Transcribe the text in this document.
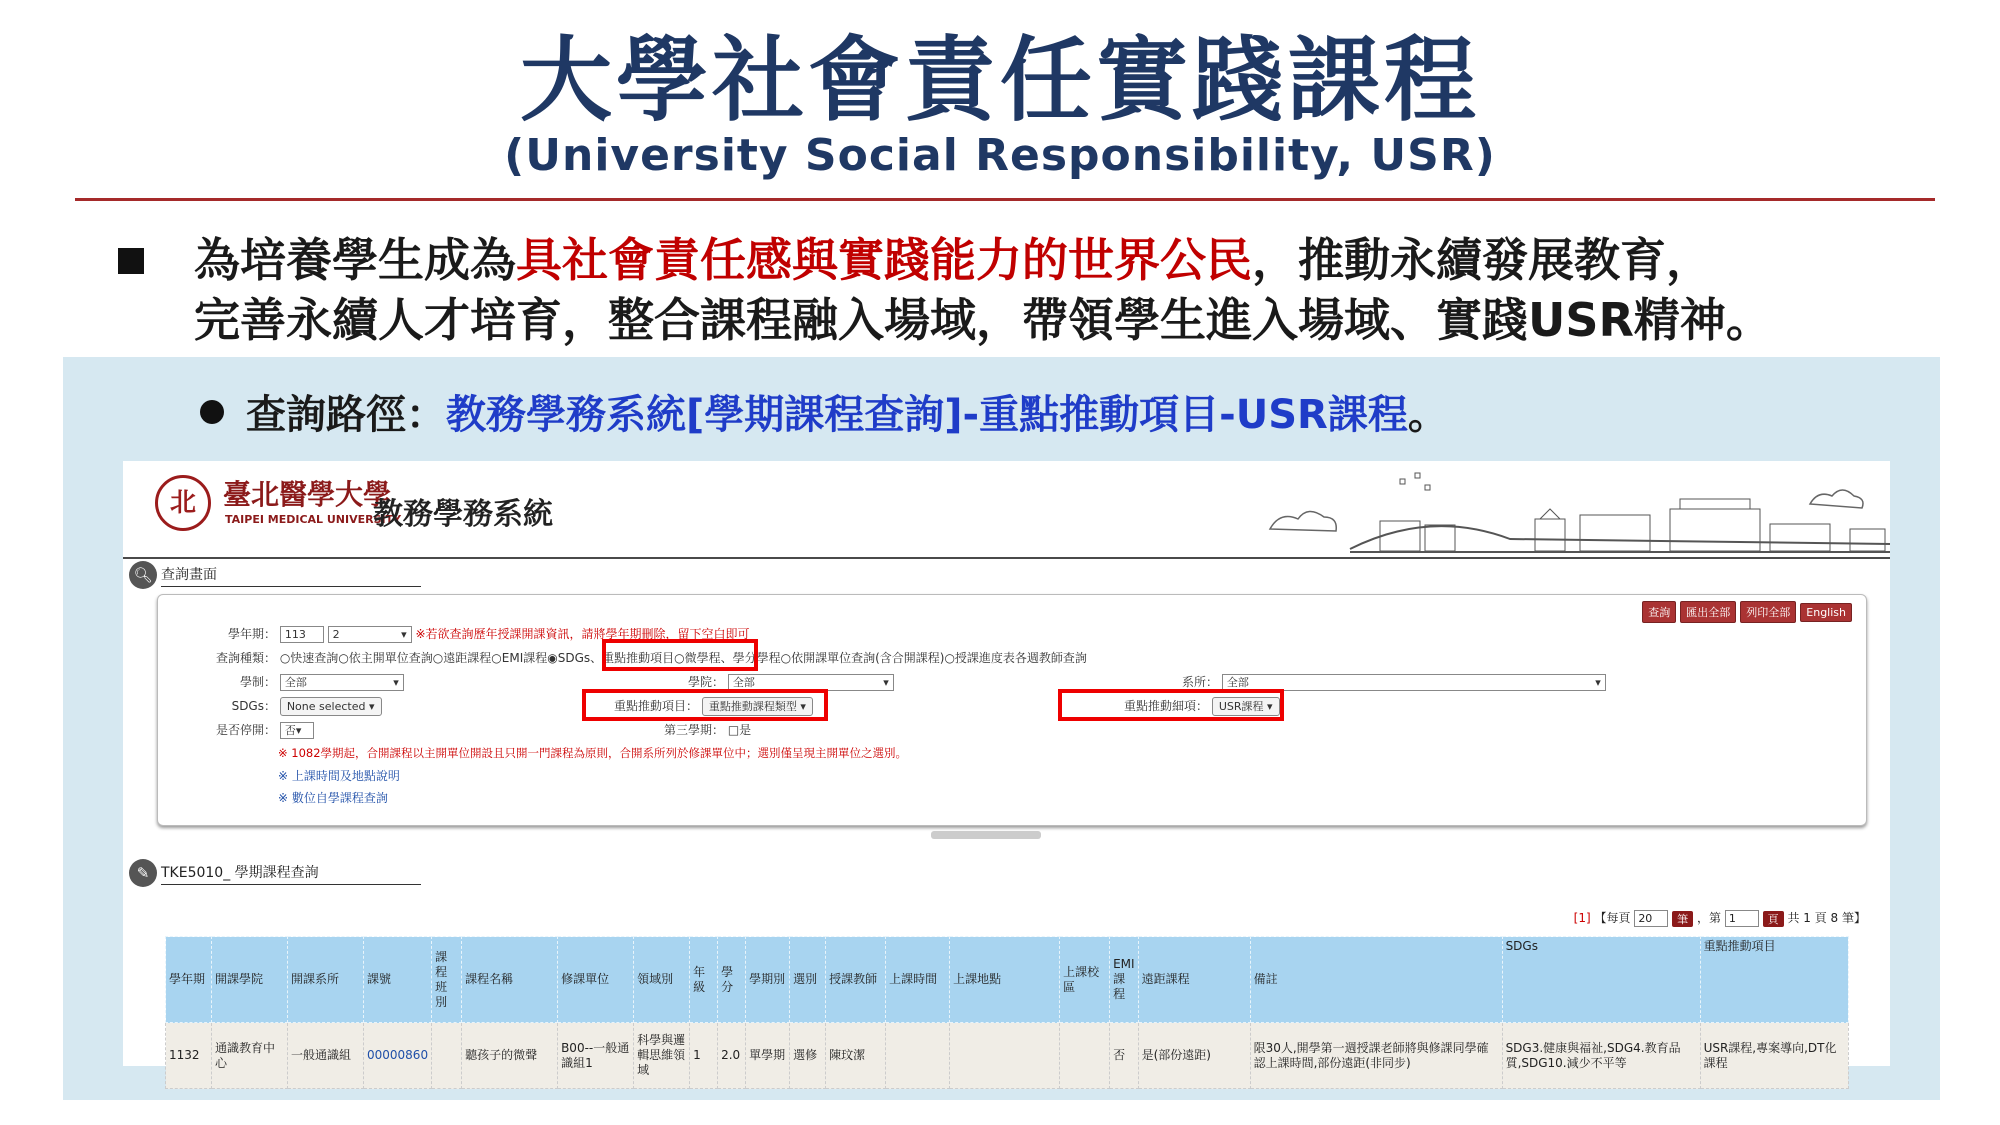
大學社會責任實踐課程
(University Social Responsibility, USR)
為培養學生成為具社會責任感與實踐能力的世界公民，推動永續發展教育，
完善永續人才培育，整合課程融入場域，帶領學生進入場域、實踐USR精神。
查詢路徑：教務學務系統[學期課程查詢]-重點推動項目-USR課程。
北 臺北醫學大學
TAIPEI MEDICAL UNIVERSITY
教務學務系統
🔍︎ 查詢畫面
查詢 匯出全部 列印全部 English
學年期： 113 2	▾ ※若欲查詢歷年授課開課資訊，請將學年期刪除，留下空白即可
查詢種類： ○快速查詢○依主開單位查詢○遠距課程○EMI課程◉SDGs、重點推動項目○微學程、學分學程○依開課單位查詢(含合開課程)○授課進度表各週教師查詢
學制： 全部	▾	學院： 全部	▾	系所： 全部	▾
SDGs： None selected ▾	重點推動項目： 重點推動課程類型 ▾	重點推動細項： USR課程 ▾
是否停開： 否▾	第三學期： □是
※ 1082學期起，合開課程以主開單位開設且只開一門課程為原則，合開系所列於修課單位中；選別僅呈現主開單位之選別。
※ 上課時間及地點說明
※ 數位自學課程查詢
✎ TKE5010_ 學期課程查詢
[1] 【每頁 20 筆 ，第 1	頁 共 1 頁 8 筆】
學年期	開課學院	開課系所	課號	課程班別	課程名稱	修課單位	領域別	年級	學分	學期別	選別	授課教師	上課時間	上課地點	上課校區	EMI課程	遠距課程	備註	SDGs	重點推動項目
1132	通識教育中心	一般通識組	00000860		聽孩子的微聲	B00--一般通識組1	科學與邏輯思維領域	1	2.0	單學期	選修	陳玟潔				否	是(部份遠距)	限30人,開學第一週授課老師將與修課同學確認上課時間,部份遠距(非同步)	SDG3.健康與福祉,SDG4.教育品質,SDG10.減少不平等	USR課程,專案導向,DT化課程
